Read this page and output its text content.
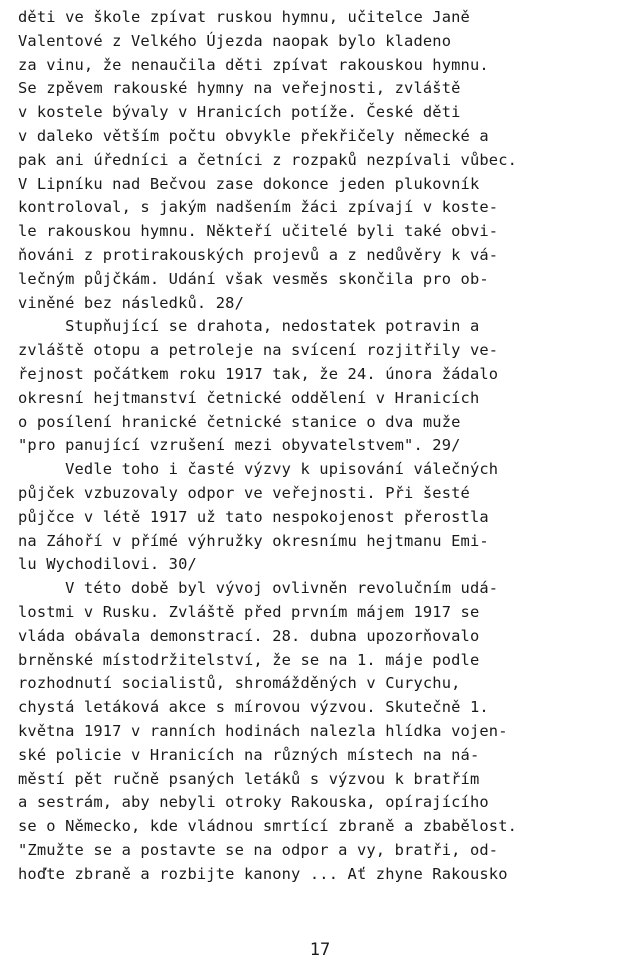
děti ve škole zpívat ruskou hymnu, učitelce Janě
Valentové z Velkého Újezda naopak bylo kladeno
za vinu, že nenaučila děti zpívat rakouskou hymnu.
Se zpěvem rakouské hymny na veřejnosti, zvláště
v kostele bývaly v Hranicích potíže. České děti
v daleko větším počtu obvykle překřičely německé a
pak ani úředníci a četníci z rozpaků nezpívali vůbec.
V Lipníku nad Bečvou zase dokonce jeden plukovník
kontroloval, s jakým nadšením žáci zpívají v koste-
le rakouskou hymnu. Někteří učitelé byli také obvi-
ňováni z protirakouských projevů a z nedůvěry k vá-
lečným půjčkám. Udání však vesměs skončila pro ob-
viněné bez následků. 28/
Stupňující se drahota, nedostatek potravin a
zvláště otopu a petroleje na svícení rozjitřily ve-
řejnost počátkem roku 1917 tak, že 24. února žádalo
okresní hejtmanství četnické oddělení v Hranicích
o posílení hranické četnické stanice o dva muže
"pro panující vzrušení mezi obyvatelstvem". 29/
Vedle toho i časté výzvy k upisování válečných
půjček vzbuzovaly odpor ve veřejnosti. Při šesté
půjčce v létě 1917 už tato nespokojenost přerostla
na Záhoří v přímé výhružky okresnímu hejtmanu Emi-
lu Wychodilovi. 30/
V této době byl vývoj ovlivněn revolučním udá-
lostmi v Rusku. Zvláště před prvním májem 1917 se
vláda obávala demonstrací. 28. dubna upozorňovalo
brněnské místodržitelství, že se na 1. máje podle
rozhodnutí socialistů, shromážděných v Curychu,
chystá letáková akce s mírovou výzvou. Skutečně 1.
května 1917 v ranních hodinách nalezla hlídka vojen-
ské policie v Hranicích na různých místech na ná-
městí pět ručně psaných letáků s výzvou k bratřím
a sestrám, aby nebyli otroky Rakouska, opírajícího
se o Německo, kde vládnou smrtící zbraně a zbabělost.
"Zmužte se a postavte se na odpor a vy, bratři, od-
hoďte zbraně a rozbijte kanony ... Ať zhyne Rakousko
17
